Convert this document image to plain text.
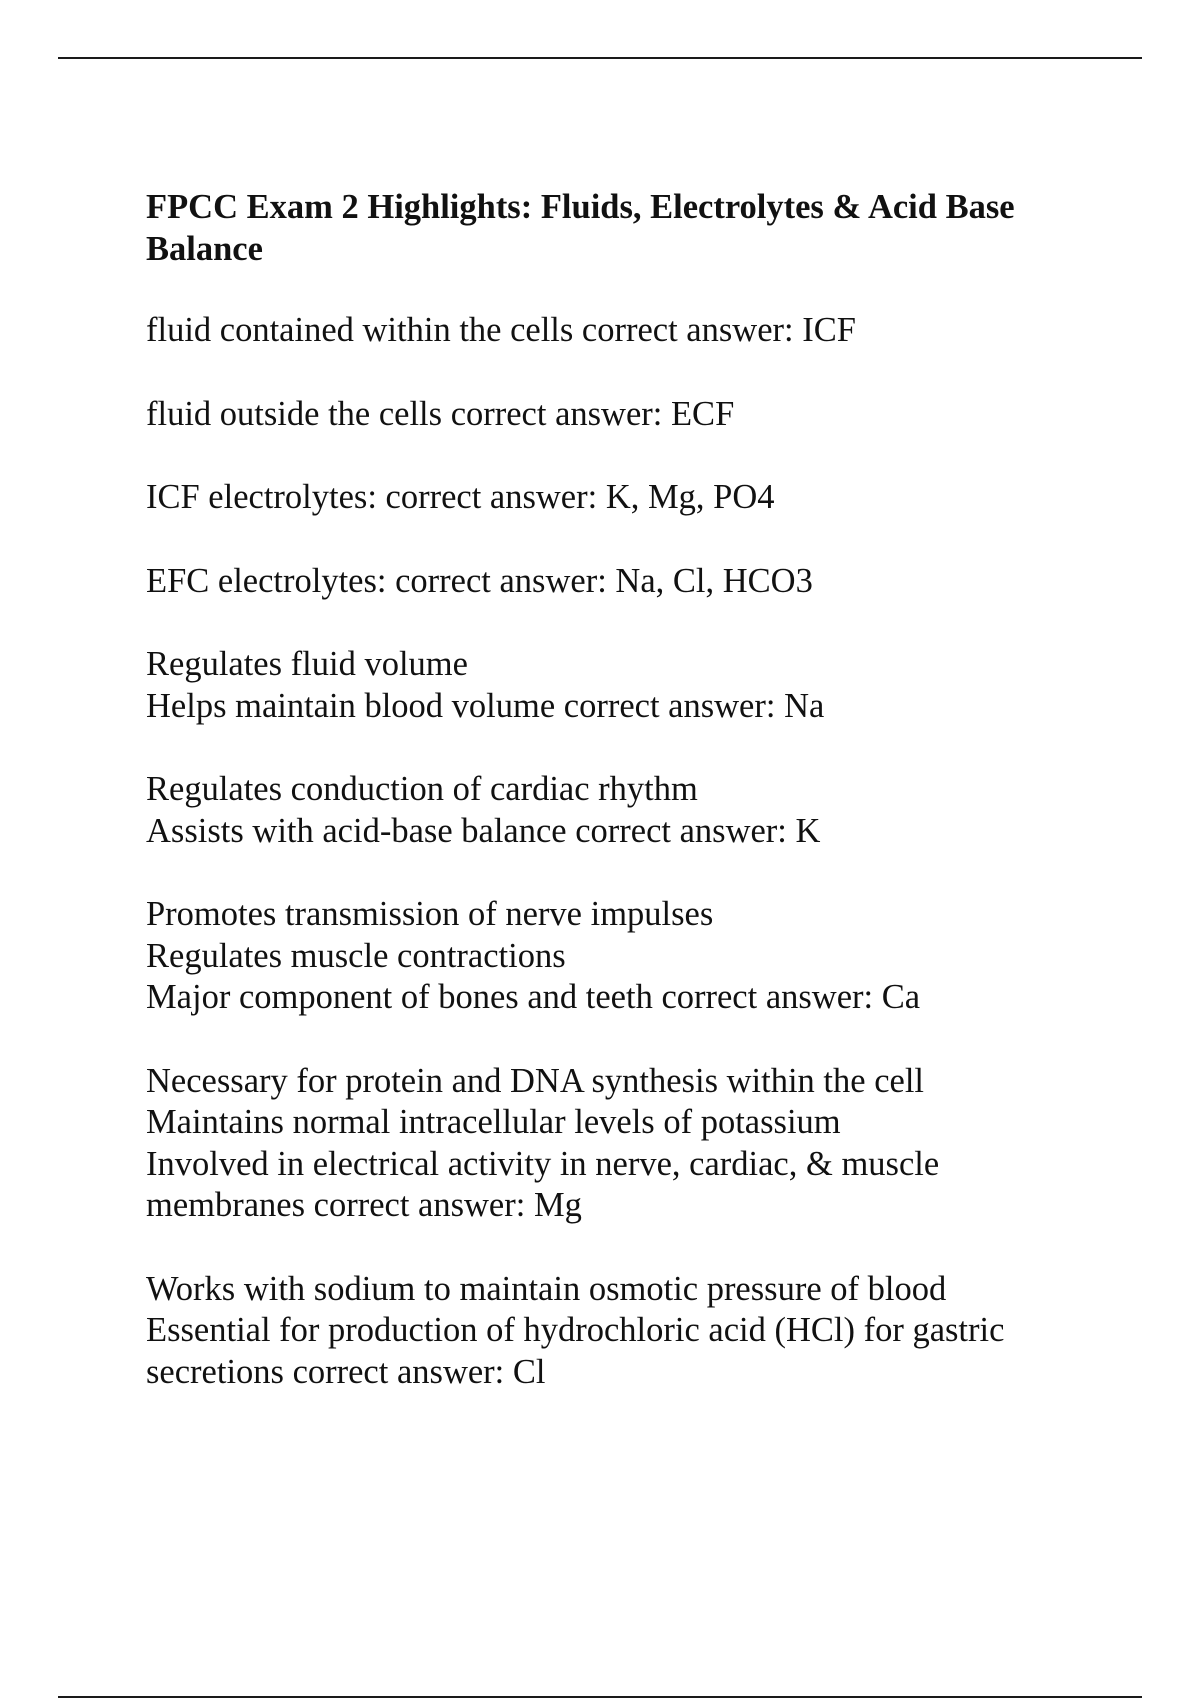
FPCC Exam 2 Highlights: Fluids, Electrolytes & Acid Base
Balance
fluid contained within the cells correct answer: ICF
fluid outside the cells correct answer: ECF
ICF electrolytes: correct answer: K, Mg, PO4
EFC electrolytes: correct answer: Na, Cl, HCO3
Regulates fluid volume
Helps maintain blood volume correct answer: Na
Regulates conduction of cardiac rhythm
Assists with acid-base balance correct answer: K
Promotes transmission of nerve impulses
Regulates muscle contractions
Major component of bones and teeth correct answer: Ca
Necessary for protein and DNA synthesis within the cell
Maintains normal intracellular levels of potassium
Involved in electrical activity in nerve, cardiac, & muscle
membranes correct answer: Mg
Works with sodium to maintain osmotic pressure of blood
Essential for production of hydrochloric acid (HCl) for gastric
secretions correct answer: Cl
